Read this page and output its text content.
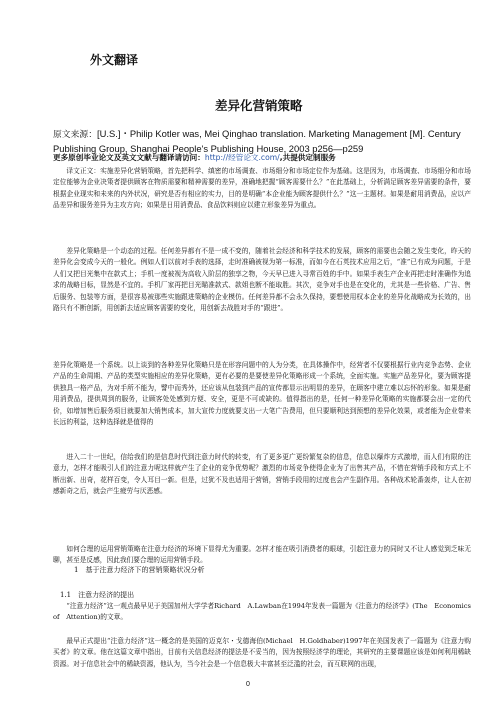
外文翻译
差异化营销策略
原文来源：[U.S.]・Philip Kotler was, Mei Qinghao translation. Marketing Management [M]. Century Publishing Group, Shanghai People's Publishing House, 2003 p256—p259
更多原创毕业论文及英文文献与翻译请访问：http://经管论文.com/,共提供定制服务
译文正文：实施差异化营销策略，首先把科学、缜密的市场调查、市场细分和市场定位作为基础。这是因为，市场调查、市场细分和市场定位能够为企业决策者提供顾客在物质需要和精神需要的差异，准确地把握“顾客需要什么？”在此基础上，分析满足顾客差异需要的条件，要根据企业现实和未来的内外状况，研究是否有相应的实力，目的是明确“本企业能为顾客提供什么？”这一主题材。如果是耐用消费品，应以产品差异和服务差异为主攻方向；如果是日用消费品、食品饮料则应以建立形象差异为重点。
差异化策略是一个动态的过程。任何差异都有不是一成不变的，随着社会经济和科学技术的发展，顾客的需要也会随之发生变化，昨天的差异化会变成今天的一般化。例如人们以前对手表的选择，走时准确被视为第一标准，而如今在石英技术应用之后，“准”已有成为问题，于是人们又把目光集中在款式上；手机一度被视为高收入阶层的独享之物，今天早已进入寻常百姓的手中。如果手表生产企业再把走时准确作为追求的战略目标，显然是不宜的。手机厂家再把目光瞄准款式、款姐也断不能取胜。其次，竞争对手也是在变化的，尤其是一些价格、广告、售后服务、包装等方面，是很容易被那些实施跟进策略的企业模仿。任何差异都不会永久保持，要想使用权本企业的差异化战略成为长效的，出路只有不断创新，用创新去适应顾客需要的变化，用创新去战胜对手的“跟进”。
差异化策略是一个系统。以上谈到的各种差异化策略只是在形容问题中的人为分类，在具体操作中，经营者不仅要根据行业内竞争态势、企业产品的生命周期、产品的类型实施相应的差异化策略，更有必要的是要使差异化策略形成一个系统，全面实施。实施产品差异化，要为顾客提供独具一格产品，为对手所不能为，譬中而秀外，还应该从包装到产品的宣传都显示出明显的差异，在顾客中建立难以忘怀的形象。如果是耐用消费品，提供周到的服务，让顾客处处感到方便、安全，更是不可或缺的。值得指出的是，任何一种差异化策略的实施都要会出一定的代价，如增加售后服务项目就要加大销售成本，加大宣传力度就要支出一大笔广告费用，但只要顺利达到预想的差异化效果，或者能为企业带来长远的利益，这种选择就是值得的
进入二十一世纪，信给我们的是信息时代到注意力时代的转变，有了更多更广更纷繁复杂的信息，信息以爆炸方式激增，而人们有限的注意力，怎样才能吸引人们的注意力呢这样就产生了企业的竞争优势呢？激烈的市场竞争使得企业为了出售其产品，不惜在营销手段和方式上不断出新、出奇，花样百变，令人耳目一新。但是，过犹不及也适用于营销，营销手段用的过度也会产生副作用。各种战术轮番轰炸，让人在初感新奇之后，就会产生疲劳与厌恶感。
如何合理的运用营销策略在注意力经济的环境下显得尤为重要。怎样才能在吸引消费者的眼球，引起注意力的同时又不让人感觉到乏味无聊，甚至是反感，因此我们要合理的运用营销手段。
1　基于注意力经济下的营销策略状况分析
1.1　注意力经济的提出
“注意力经济”这一观点最早见于美国加州大学学者Richard　A.Lawban在1994年发表一篇题为《注意力的经济学》(The　Economics　of　Attention)的文章。
最早正式提出“注意力经济”这一概念的是美国的迈克尔・戈德海伯(Michael　H.Goldhaber)1997年在美国发表了一篇题为《注意力购买者》的文章。他在这篇文章中指出，目前有关信息经济的提法是不妥当的，因为按照经济学的理论，其研究的主要课题应该是如何利用稀缺资源。对于信息社会中的稀缺资源，他认为，当今社会是一个信息极大丰富甚至泛滥的社会，而互联网的出现，
0
